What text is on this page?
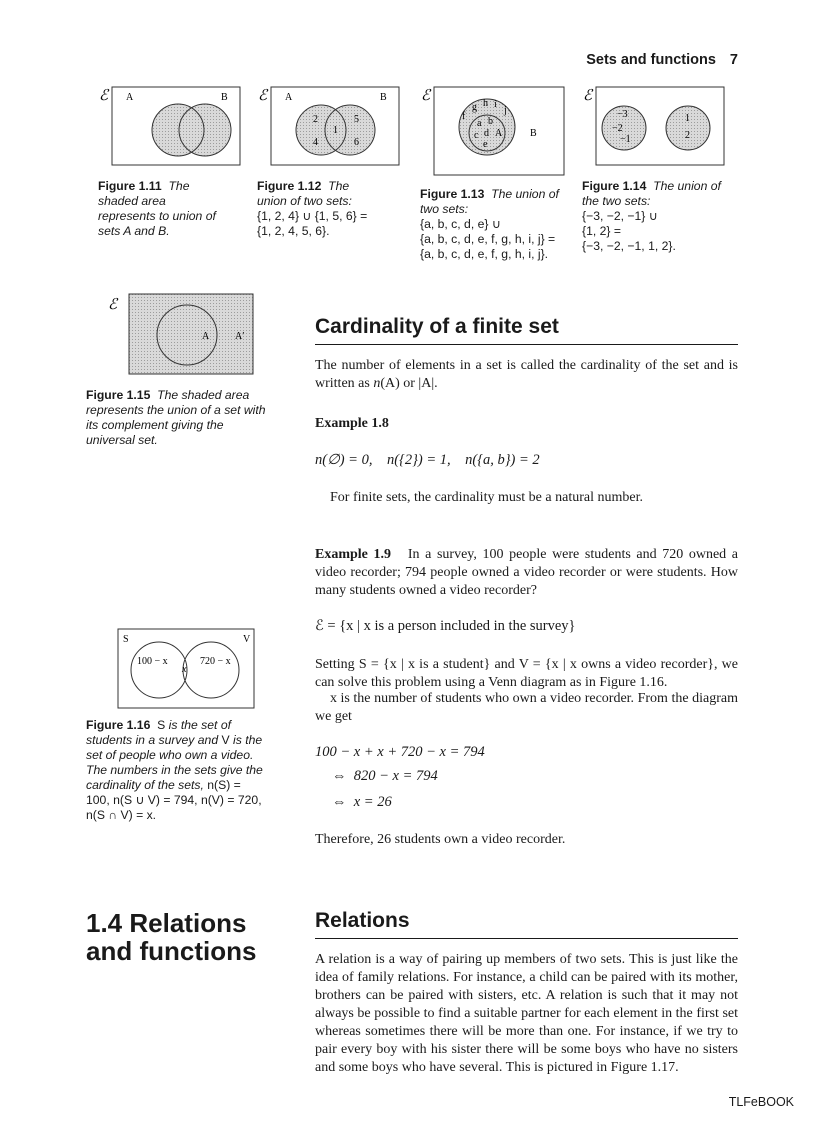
Sets and functions 7
ℰ A	B
Figure 1.11 The shaded area represents to union of sets A and B.
ℰ A	B
2
4
1
5
6
Figure 1.12 The union of two sets:
{1, 2, 4} ∪ {1, 5, 6} =
{1, 2, 4, 5, 6}.
ℰ
B
A
f
g h i
j
a b
c d
e
Figure 1.13 The union of two sets:
{a, b, c, d, e} ∪
{a, b, c, d, e, f, g, h, i, j} =
{a, b, c, d, e, f, g, h, i, j}.
ℰ
−3
−2
−1
1
2
Figure 1.14 The union of the two sets:
{−3, −2, −1} ∪
{1, 2} =
{−3, −2, −1, 1, 2}.
ℰ
A	A′
Figure 1.15 The shaded area represents the union of a set with its complement giving the universal set.
Cardinality of a finite set

The number of elements in a set is called the cardinality of the set and is written as n(A) or |A|.

Example 1.8
n(∅) = 0,    n({2}) = 1,    n({a, b}) = 2
For finite sets, the cardinality must be a natural number.
Example 1.9 In a survey, 100 people were students and 720 owned a video recorder; 794 people owned a video recorder or were students. How many students owned a video recorder?
ℰ = {x | x is a person included in the survey}
Setting S = {x | x is a student} and V = {x | x owns a video recorder}, we can solve this problem using a Venn diagram as in Figure 1.16.
x is the number of students who own a video recorder. From the diagram we get
100 − x + x + 720 − x = 794
⇔  820 − x = 794
⇔  x = 26
Therefore, 26 students own a video recorder.
S	V
100 − x
x
720 − x
Figure 1.16 S is the set of students in a survey and V is the set of people who own a video. The numbers in the sets give the cardinality of the sets, n(S) = 100, n(S ∪ V) = 794, n(V) = 720, n(S ∩ V) = x.
1.4 Relations
and functions
Relations

A relation is a way of pairing up members of two sets. This is just like the idea of family relations. For instance, a child can be paired with its mother, brothers can be paired with sisters, etc. A relation is such that it may not always be possible to find a suitable partner for each element in the first set whereas sometimes there will be more than one. For instance, if we try to pair every boy with his sister there will be some boys who have no sisters and some boys who have several. This is pictured in Figure 1.17.

TLFeBOOK
